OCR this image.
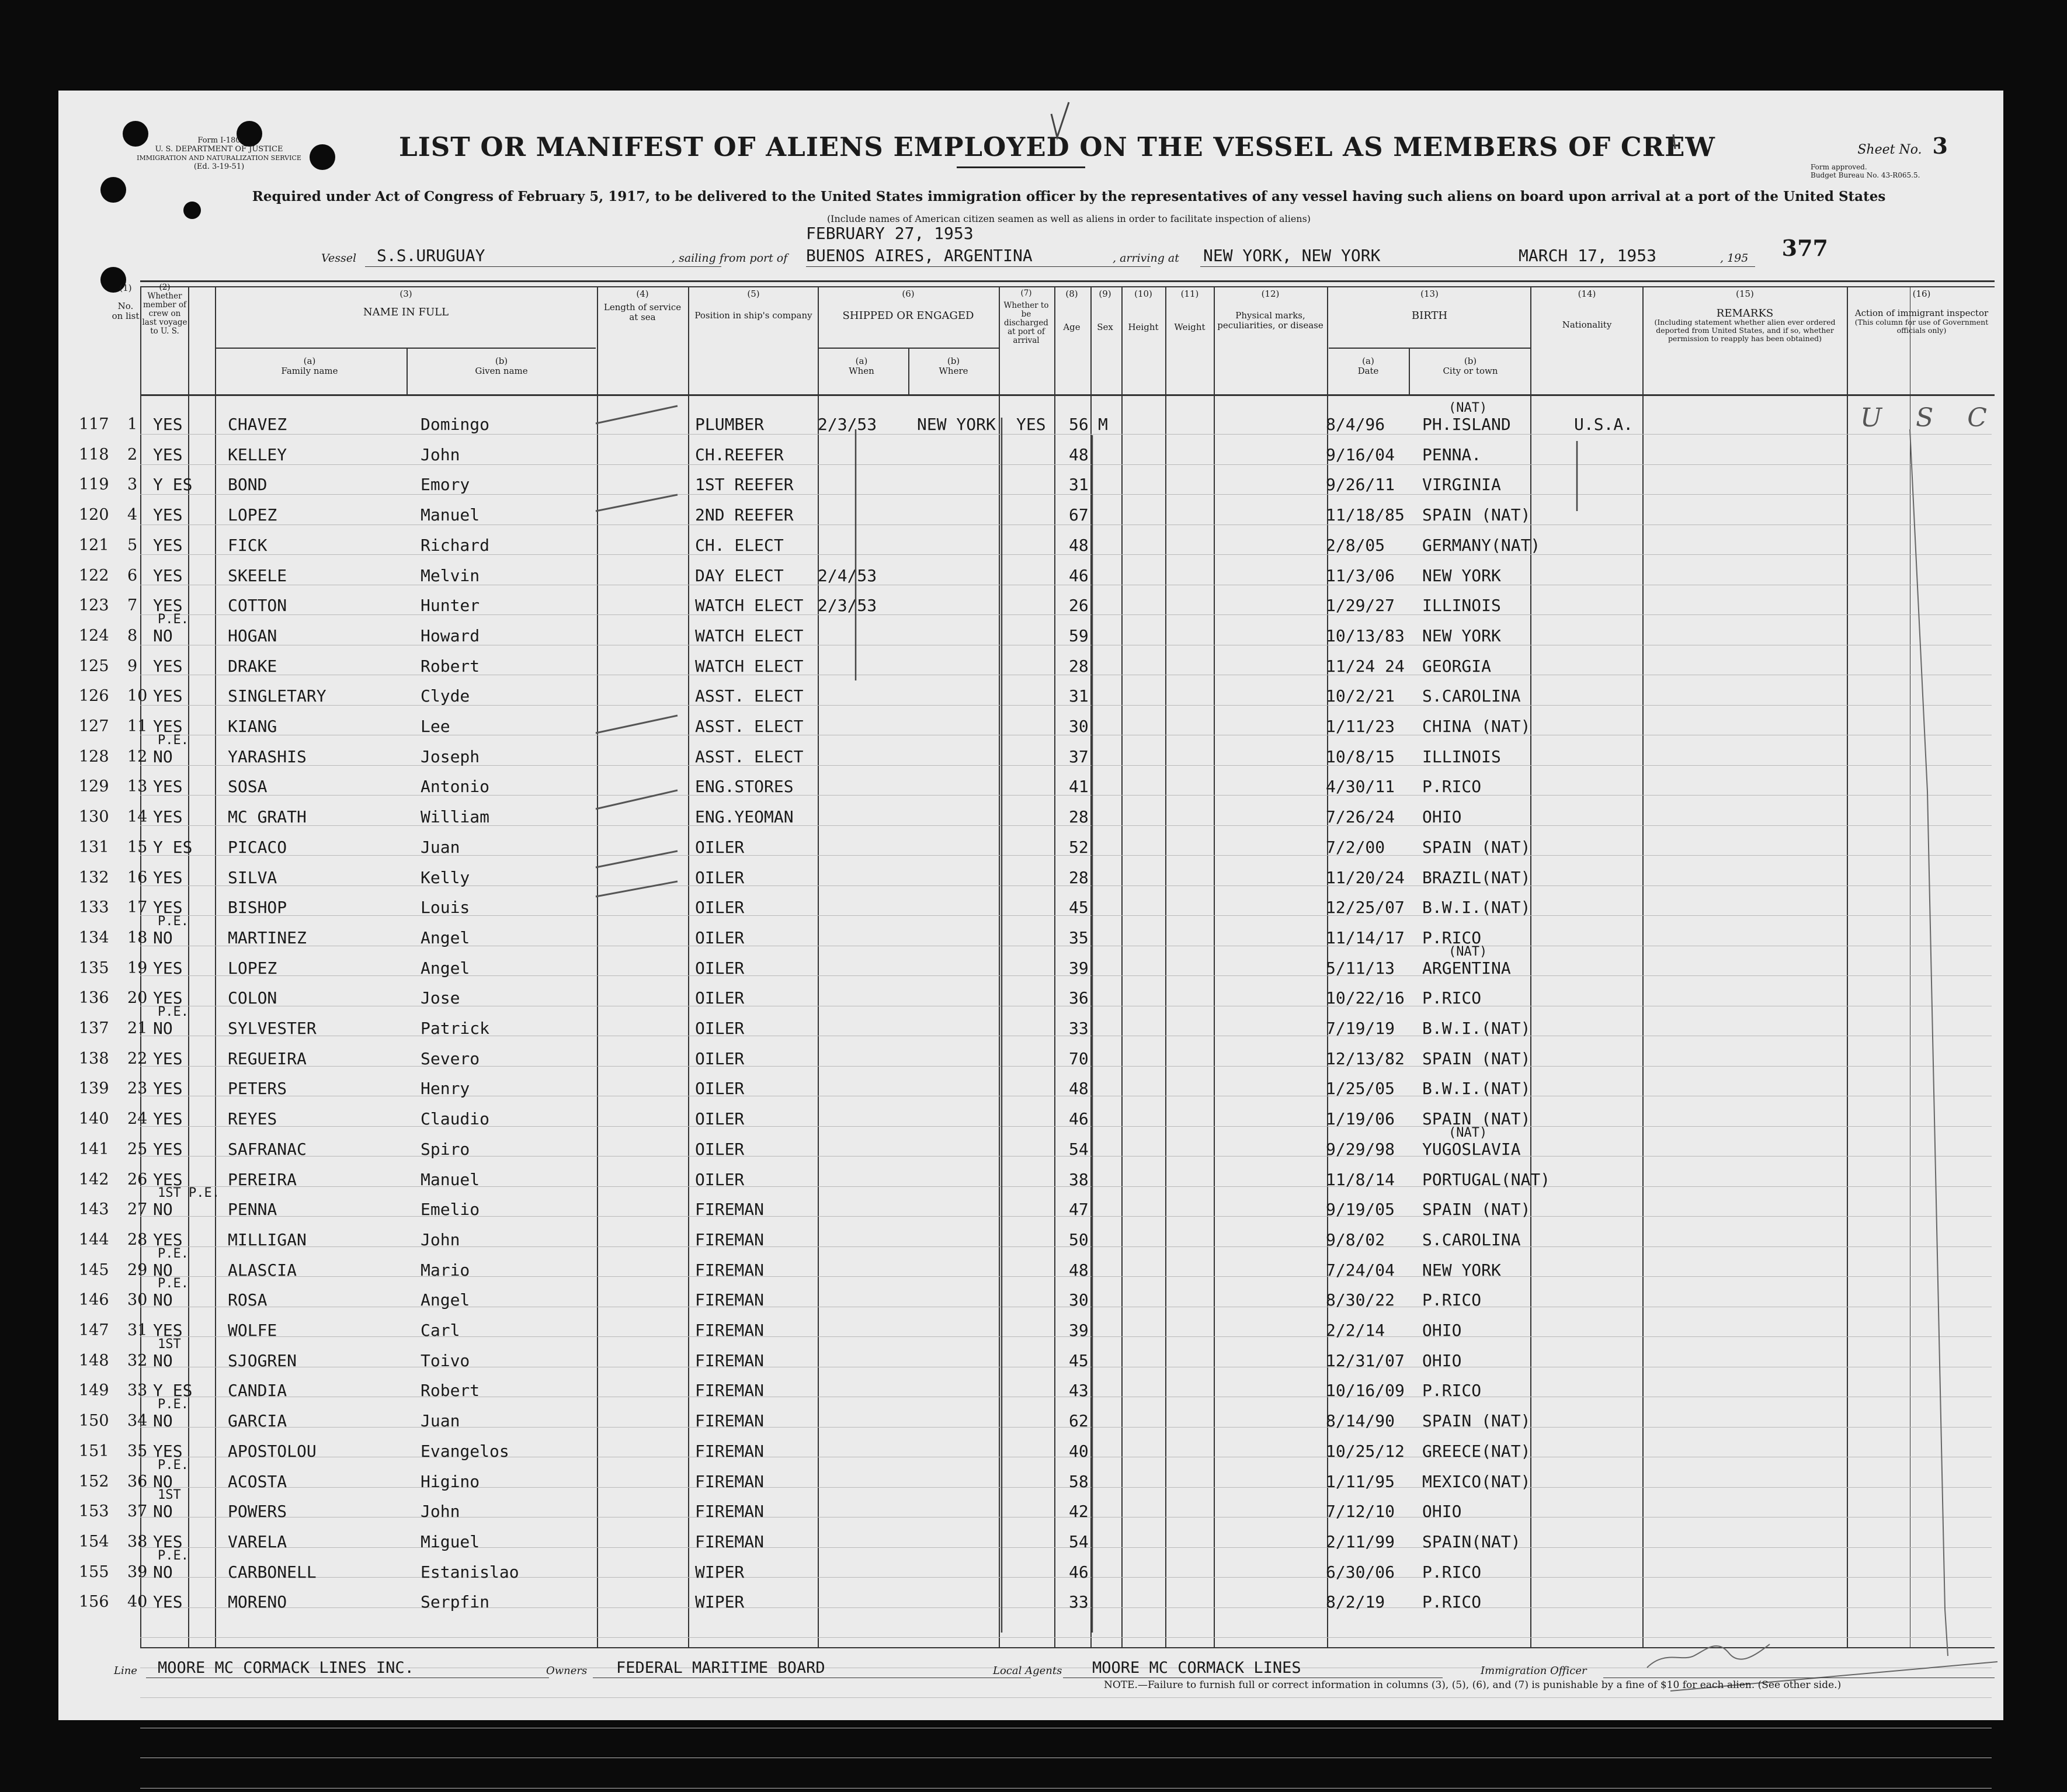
Form I-180
U. S. DEPARTMENT OF JUSTICE
IMMIGRATION AND NATURALIZATION SERVICE
(Ed. 3-19-51)
LIST OR MANIFEST OF ALIENS EMPLOYED ON THE VESSEL AS MEMBERS OF CREW	Sheet No. 3
Form approved.
Budget Bureau No. 43-R065.5.
Required under Act of Congress of February 5, 1917, to be delivered to the United States immigration officer by the representatives of any vessel having such aliens on board upon arrival at a port of the United States
(Include names of American citizen seamen as well as aliens in order to facilitate inspection of aliens)
Vessel S.S.URUGUAY	, sailing from port of
FEBRUARY 27, 1953
BUENOS AIRES, ARGENTINA	, arriving at NEW YORK, NEW YORK	MARCH 17, 1953	, 195 377
(1)
No. on list
(2)
Whether member of crew on last voyage to U. S.
(3)
NAME IN FULL
(a)
Family name
(b)
Given name
(4)
Length of service at sea
(5)
Position in ship's company
(6)
SHIPPED OR ENGAGED
(a)
When
(b)
Where
(7)
Whether to be discharged at port of arrival
(8)
Age
(9)
Sex
(10)
Height
(11)
Weight
(12)
Physical marks, peculiarities, or disease
(13)
BIRTH
(a)
Date
(b)
City or town
(14)
Nationality
(15)
REMARKS
(Including statement whether alien ever ordered deported from United States, and if so, whether permission to reapply has been obtained)
(16)
Action of immigrant inspector
(This column for use of Government officials only)
117 1 YES	CHAVEZ	Domingo	PLUMBER	2/3/53 NEW YORK YES 56 M	8/4/96 PH.ISLAND	U.S.A.
(NAT)
118 2 YES	KELLEY	John	CH.REEFER	48	9/16/04 PENNA.
119 3 Y ES BOND	Emory	1ST REEFER	31	9/26/11 VIRGINIA
120 4 YES	LOPEZ	Manuel	2ND REEFER	67	11/18/85 SPAIN (NAT)
121 5 YES	FICK	Richard	CH. ELECT	48	2/8/05 GERMANY(NAT)
122 6 YES	SKEELE	Melvin	DAY ELECT 2/4/53	46	11/3/06 NEW YORK
123 7 YES	COTTON	Hunter	WATCH ELECT 2/3/53	26	1/29/27 ILLINOIS
124 8 NO	HOGAN	Howard	WATCH ELECT	59	10/13/83 NEW YORK
P.E.
125 9 YES	DRAKE	Robert	WATCH ELECT	28	11/24 24 GEORGIA
126 10 YES	SINGLETARY	Clyde	ASST. ELECT	31	10/2/21 S.CAROLINA
127 11 YES	KIANG	Lee	ASST. ELECT	30	1/11/23 CHINA (NAT)
128 12 NO	YARASHIS	Joseph	ASST. ELECT	37	10/8/15 ILLINOIS
P.E.
129 13 YES	SOSA	Antonio	ENG.STORES	41	4/30/11 P.RICO
130 14 YES	MC GRATH	William	ENG.YEOMAN	28	7/26/24 OHIO
131 15 Y ES PICACO	Juan	OILER	52	7/2/00 SPAIN (NAT)
132 16 YES	SILVA	Kelly	OILER	28	11/20/24 BRAZIL(NAT)
133 17 YES	BISHOP	Louis	OILER	45	12/25/07 B.W.I.(NAT)
134 18 NO	MARTINEZ	Angel	OILER	35	11/14/17 P.RICO
P.E.
135 19 YES	LOPEZ	Angel	OILER	39	5/11/13 ARGENTINA
(NAT)
136 20 YES	COLON	Jose	OILER	36	10/22/16 P.RICO
137 21 NO	SYLVESTER	Patrick	OILER	33	7/19/19 B.W.I.(NAT)
P.E.
138 22 YES	REGUEIRA	Severo	OILER	70	12/13/82 SPAIN (NAT)
139 23 YES	PETERS	Henry	OILER	48	1/25/05 B.W.I.(NAT)
140 24 YES	REYES	Claudio	OILER	46	1/19/06 SPAIN (NAT)
141 25 YES	SAFRANAC	Spiro	OILER	54	9/29/98 YUGOSLAVIA
(NAT)
142 26 YES	PEREIRA	Manuel	OILER	38	11/8/14 PORTUGAL(NAT)
143 27 NO	PENNA	Emelio	FIREMAN	47	9/19/05 SPAIN (NAT)
1ST P.E.
144 28 YES	MILLIGAN	John	FIREMAN	50	9/8/02 S.CAROLINA
145 29 NO	ALASCIA	Mario	FIREMAN	48	7/24/04 NEW YORK
P.E.
146 30 NO	ROSA	Angel	FIREMAN	30	8/30/22 P.RICO
P.E.
147 31 YES	WOLFE	Carl	FIREMAN	39	2/2/14 OHIO
148 32 NO	SJOGREN	Toivo	FIREMAN	45	12/31/07 OHIO
1ST
149 33 Y ES CANDIA	Robert	FIREMAN	43	10/16/09 P.RICO
150 34 NO	GARCIA	Juan	FIREMAN	62	8/14/90 SPAIN (NAT)
P.E.
151 35 YES	APOSTOLOU	Evangelos	FIREMAN	40	10/25/12 GREECE(NAT)
152 36 NO	ACOSTA	Higino	FIREMAN	58	1/11/95 MEXICO(NAT)
P.E.
153 37 NO	POWERS	John	FIREMAN	42	7/12/10 OHIO
1ST
154 38 YES	VARELA	Miguel	FIREMAN	54	2/11/99 SPAIN(NAT)
155 39 NO	CARBONELL	Estanislao	WIPER	46	6/30/06 P.RICO
P.E.
156 40 YES	MORENO	Serpfin	WIPER	33	8/2/19 P.RICO
U S C
Line MOORE MC CORMACK LINES INC.	Owners FEDERAL MARITIME BOARD	Local Agents MOORE MC CORMACK LINES	Immigration Officer
NOTE.—Failure to furnish full or correct information in columns (3), (5), (6), and (7) is punishable by a fine of $10 for each alien. (See other side.)
